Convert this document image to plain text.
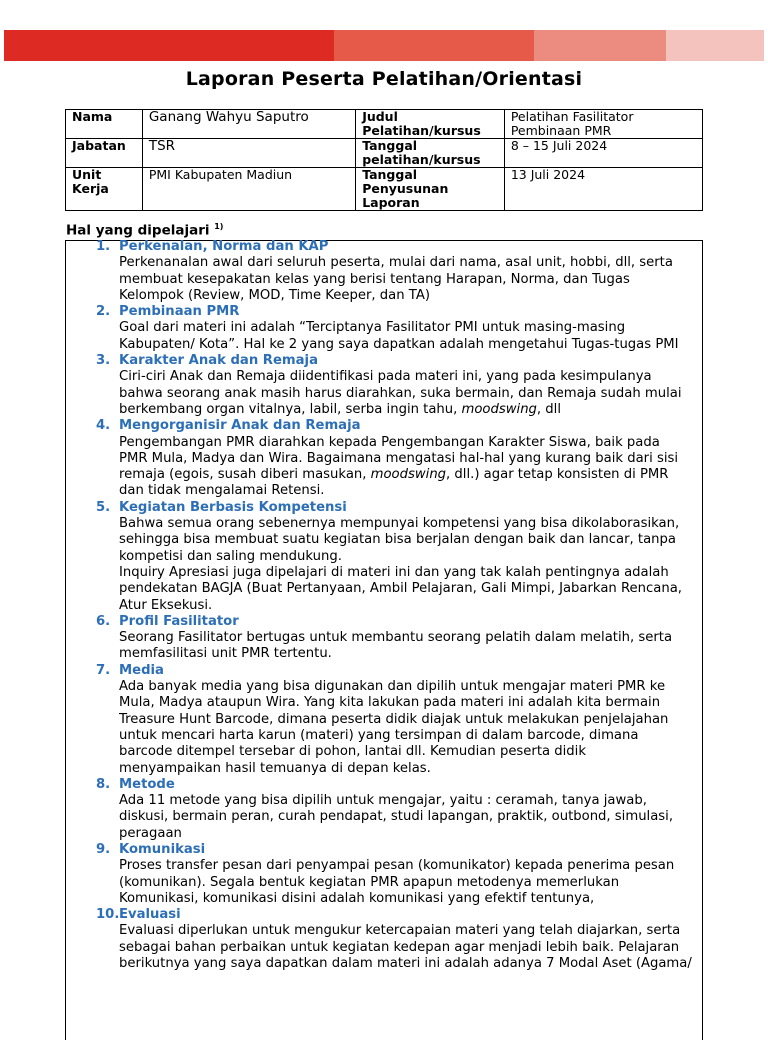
Laporan Peserta Pelatihan/Orientasi
Nama	Ganang Wahyu Saputro	Judul Pelatihan/kursus	Pelatihan Fasilitator Pembinaan PMR
Jabatan	TSR	Tanggal pelatihan/kursus	8 – 15 Juli 2024
Unit Kerja	PMI Kabupaten Madiun	Tanggal Penyusunan Laporan	13 Juli 2024
Hal yang dipelajari $^{1)}$
1. Perkenalan, Norma dan KAP

Perkenanalan awal dari seluruh peserta, mulai dari nama, asal unit, hobbi, dll, serta membuat kesepakatan kelas yang berisi tentang Harapan, Norma, dan Tugas Kelompok (Review, MOD, Time Keeper, dan TA)

2. Pembinaan PMR

Goal dari materi ini adalah “Terciptanya Fasilitator PMI untuk masing-masing Kabupaten/ Kota”. Hal ke 2 yang saya dapatkan adalah mengetahui Tugas-tugas PMI

3. Karakter Anak dan Remaja

Ciri-ciri Anak dan Remaja diidentifikasi pada materi ini, yang pada kesimpulanya bahwa seorang anak masih harus diarahkan, suka bermain, dan Remaja sudah mulai berkembang organ vitalnya, labil, serba ingin tahu, moodswing, dll

4. Mengorganisir Anak dan Remaja

Pengembangan PMR diarahkan kepada Pengembangan Karakter Siswa, baik pada PMR Mula, Madya dan Wira. Bagaimana mengatasi hal-hal yang kurang baik dari sisi remaja (egois, susah diberi masukan, moodswing, dll.) agar tetap konsisten di PMR dan tidak mengalamai Retensi.

5. Kegiatan Berbasis Kompetensi

Bahwa semua orang sebenernya mempunyai kompetensi yang bisa dikolaborasikan, sehingga bisa membuat suatu kegiatan bisa berjalan dengan baik dan lancar, tanpa kompetisi dan saling mendukung.

Inquiry Apresiasi juga dipelajari di materi ini dan yang tak kalah pentingnya adalah pendekatan BAGJA (Buat Pertanyaan, Ambil Pelajaran, Gali Mimpi, Jabarkan Rencana, Atur Eksekusi.

6. Profil Fasilitator

Seorang Fasilitator bertugas untuk membantu seorang pelatih dalam melatih, serta memfasilitasi unit PMR tertentu.

7. Media

Ada banyak media yang bisa digunakan dan dipilih untuk mengajar materi PMR ke Mula, Madya ataupun Wira. Yang kita lakukan pada materi ini adalah kita bermain Treasure Hunt Barcode, dimana peserta didik diajak untuk melakukan penjelajahan untuk mencari harta karun (materi) yang tersimpan di dalam barcode, dimana barcode ditempel tersebar di pohon, lantai dll. Kemudian peserta didik menyampaikan hasil temuanya di depan kelas.

8. Metode

Ada 11 metode yang bisa dipilih untuk mengajar, yaitu : ceramah, tanya jawab, diskusi, bermain peran, curah pendapat, studi lapangan, praktik, outbond, simulasi, peragaan

9. Komunikasi

Proses transfer pesan dari penyampai pesan (komunikator) kepada penerima pesan (komunikan). Segala bentuk kegiatan PMR apapun metodenya memerlukan Komunikasi, komunikasi disini adalah komunikasi yang efektif tentunya,

10. Evaluasi

Evaluasi diperlukan untuk mengukur ketercapaian materi yang telah diajarkan, serta sebagai bahan perbaikan untuk kegiatan kedepan agar menjadi lebih baik. Pelajaran berikutnya yang saya dapatkan dalam materi ini adalah adanya 7 Modal Aset (Agama/
